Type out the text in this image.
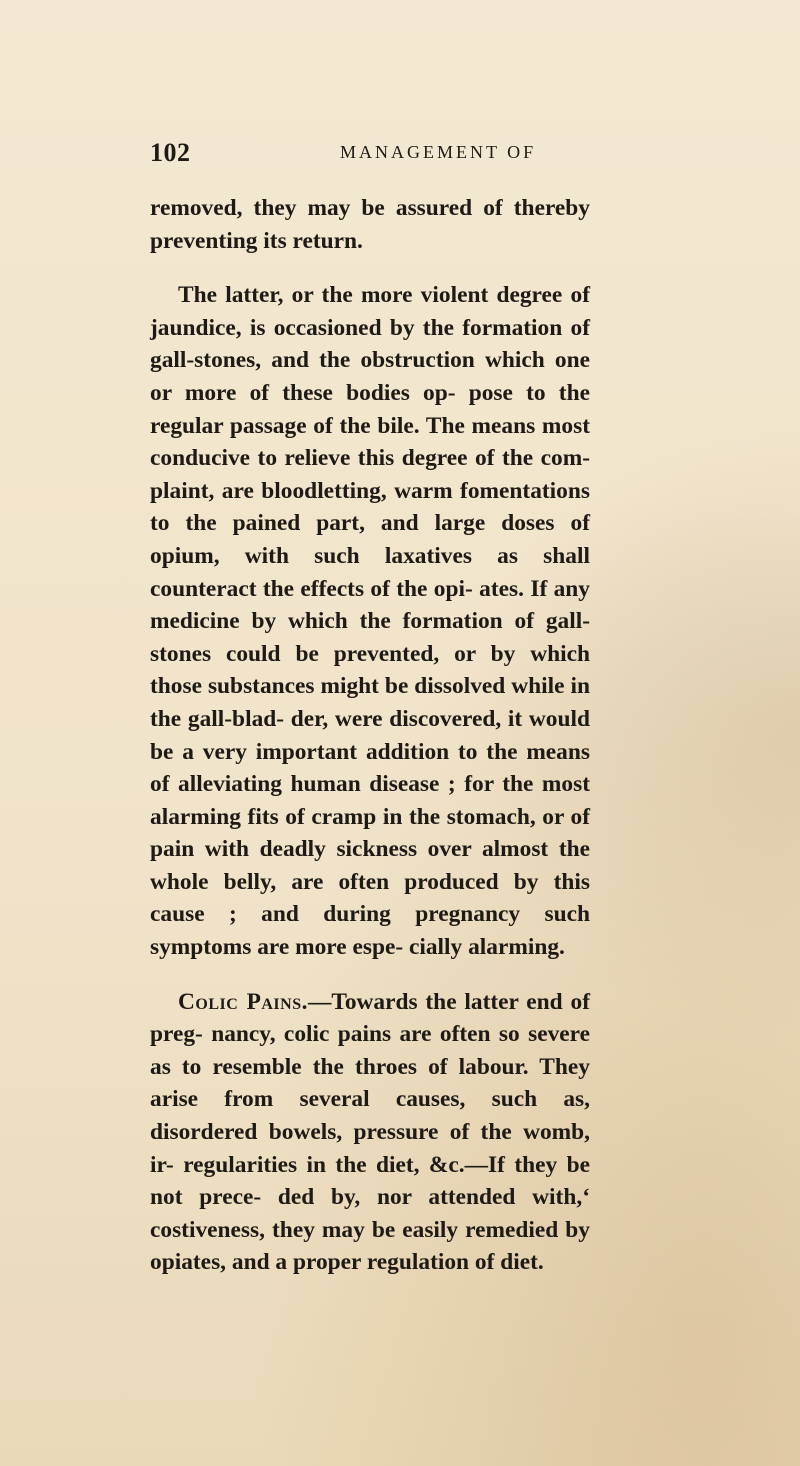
102	MANAGEMENT OF

removed, they may be assured of thereby preventing its return.

The latter, or the more violent degree of jaundice, is occasioned by the formation of gall-stones, and the obstruction which one or more of these bodies op- pose to the regular passage of the bile. The means most conducive to relieve this degree of the com- plaint, are bloodletting, warm fomentations to the pained part, and large doses of opium, with such laxatives as shall counteract the effects of the opi- ates. If any medicine by which the formation of gall-stones could be prevented, or by which those substances might be dissolved while in the gall-blad- der, were discovered, it would be a very important addition to the means of alleviating human disease ; for the most alarming fits of cramp in the stomach, or of pain with deadly sickness over almost the whole belly, are often produced by this cause ; and during pregnancy such symptoms are more espe- cially alarming.

Colic Pains.—Towards the latter end of preg- nancy, colic pains are often so severe as to resemble the throes of labour. They arise from several causes, such as, disordered bowels, pressure of the womb, ir- regularities in the diet, &c.—If they be not prece- ded by, nor attended with,‘ costiveness, they may be easily remedied by opiates, and a proper regulation of diet.
